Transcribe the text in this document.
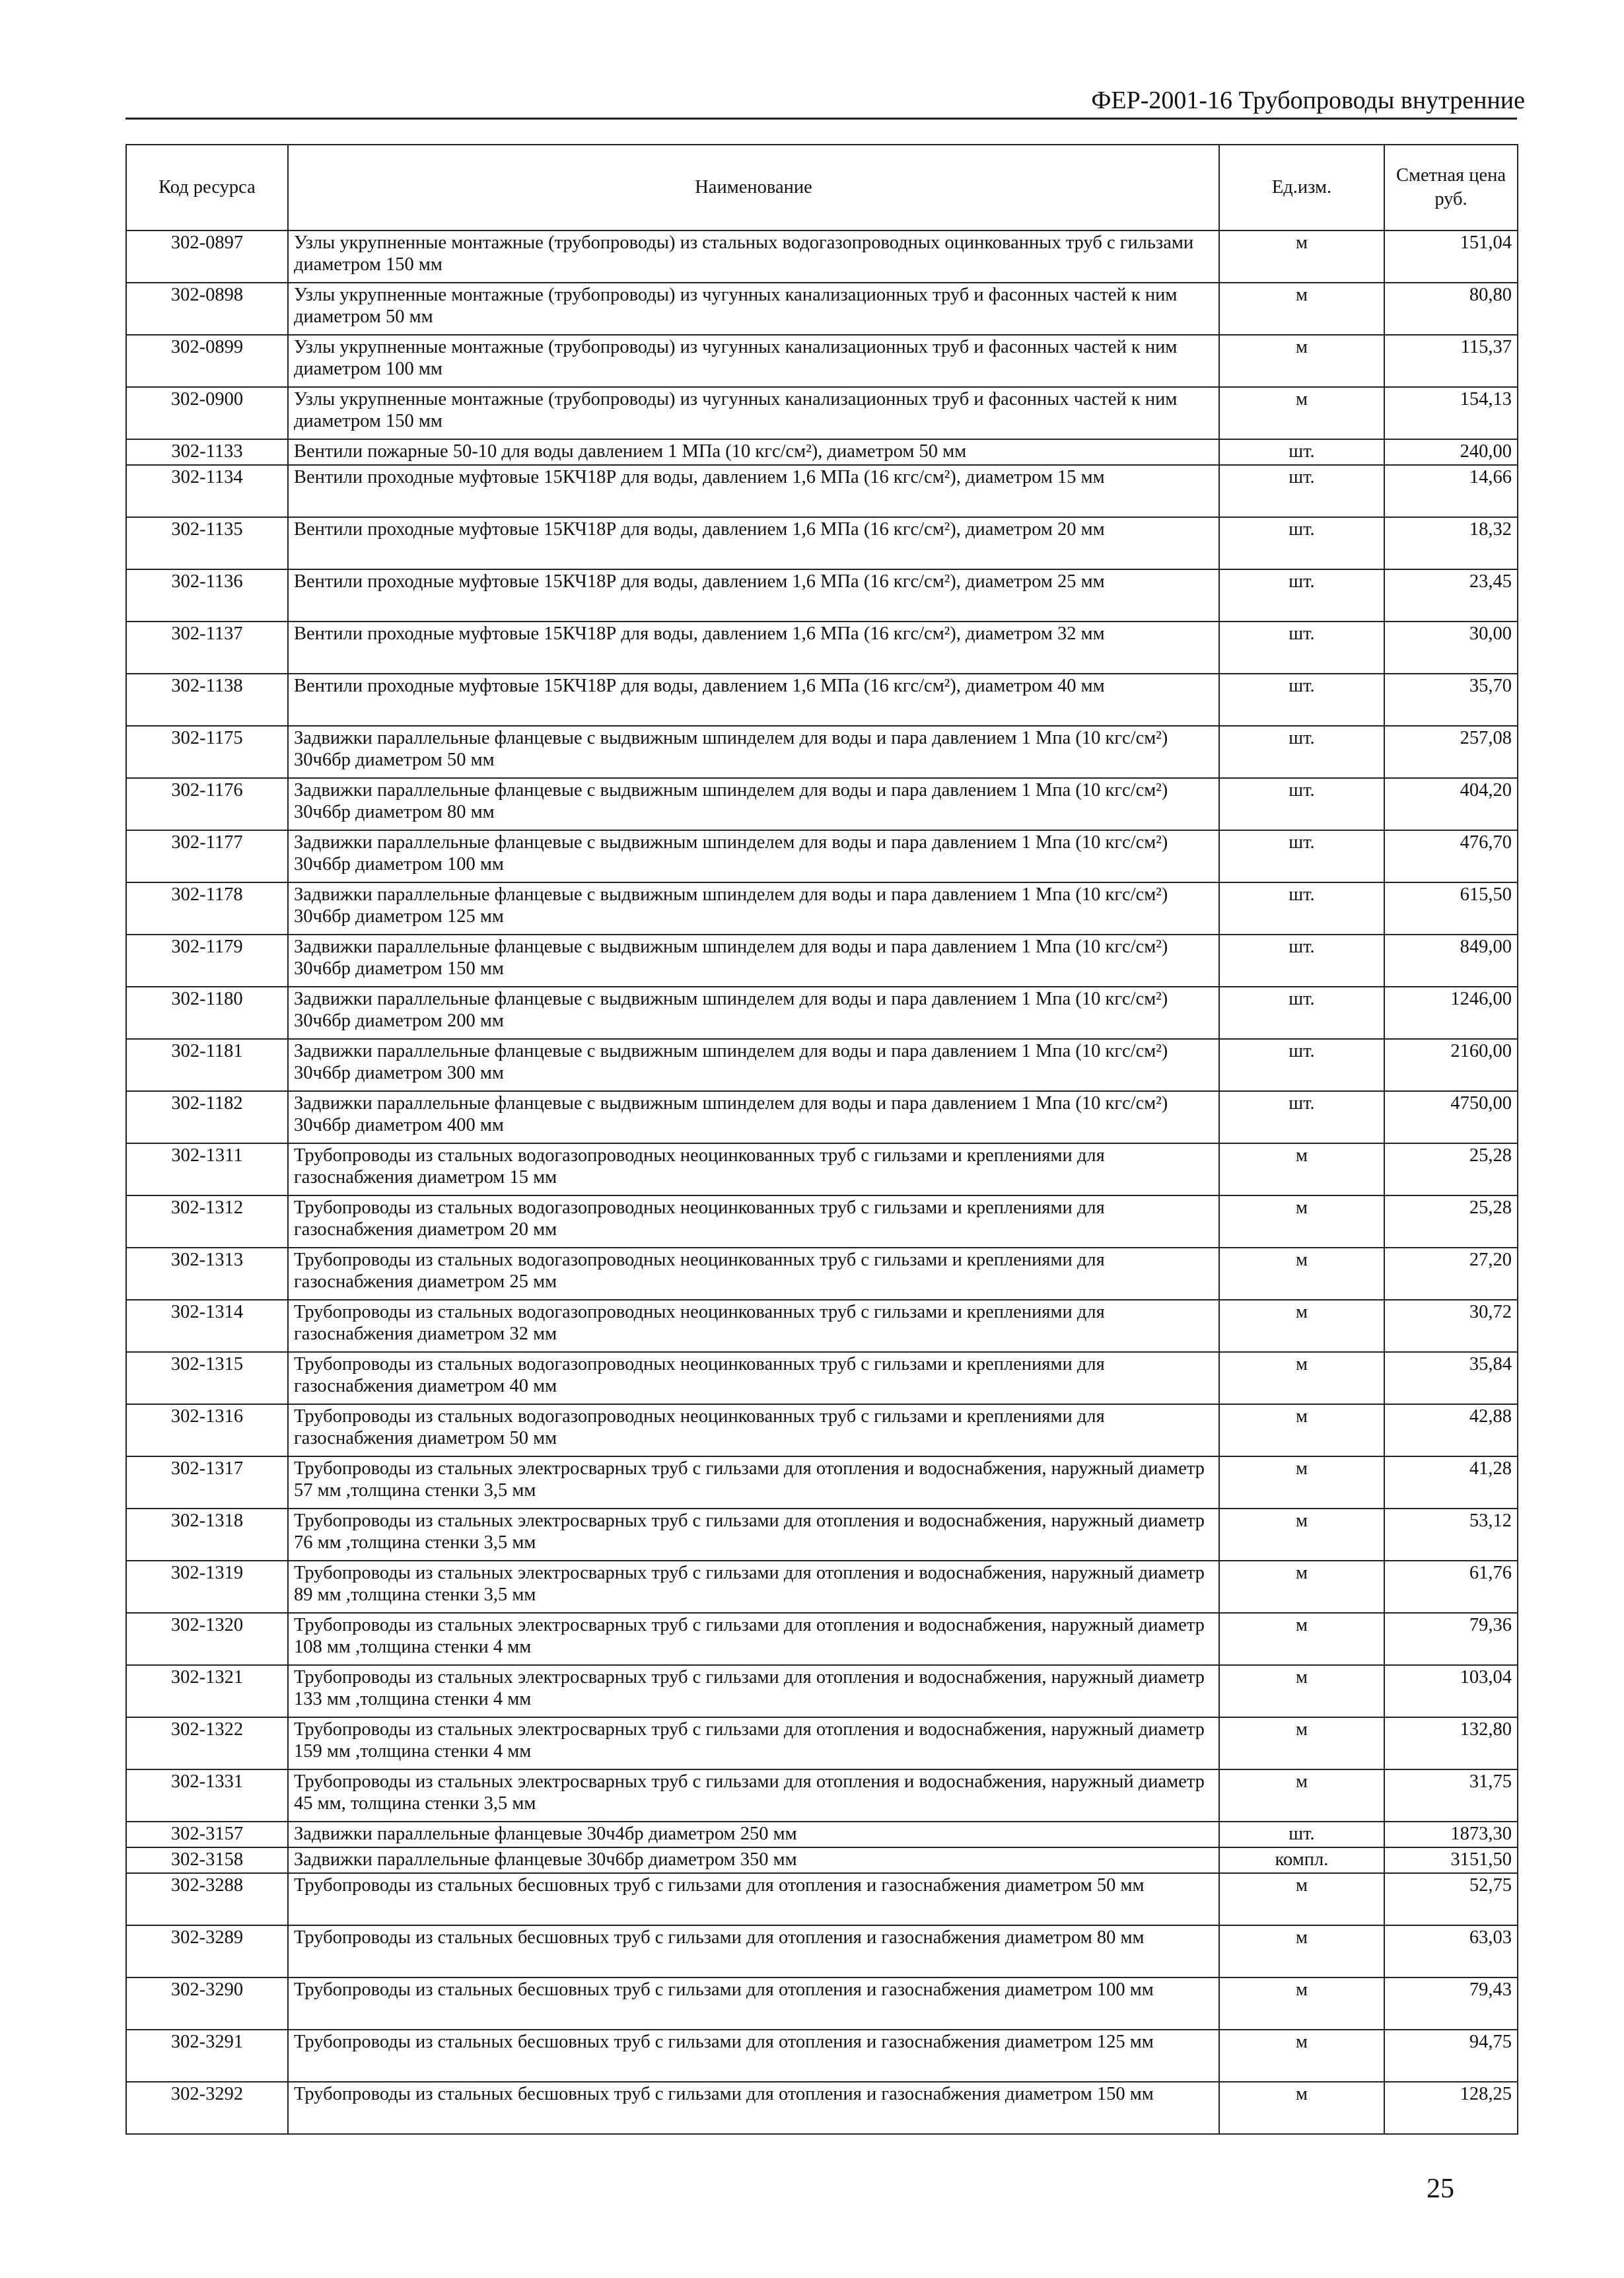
ФЕР-2001-16 Трубопроводы внутренние
Код ресурса	Наименование	Ед.изм.	Сметная цена руб.
302-0897	Узлы укрупненные монтажные (трубопроводы) из стальных водогазопроводных оцинкованных труб с гильзами диаметром 150 мм	м	151,04
302-0898	Узлы укрупненные монтажные (трубопроводы) из чугунных канализационных труб и фасонных частей к ним диаметром 50 мм	м	80,80
302-0899	Узлы укрупненные монтажные (трубопроводы) из чугунных канализационных труб и фасонных частей к ним диаметром 100 мм	м	115,37
302-0900	Узлы укрупненные монтажные (трубопроводы) из чугунных канализационных труб и фасонных частей к ним диаметром 150 мм	м	154,13
302-1133	Вентили пожарные 50-10 для воды давлением 1 МПа (10 кгс/см²), диаметром 50 мм	шт.	240,00
302-1134	Вентили проходные муфтовые 15КЧ18Р для воды, давлением 1,6 МПа (16 кгс/см²), диаметром 15 мм	шт.	14,66
302-1135	Вентили проходные муфтовые 15КЧ18Р для воды, давлением 1,6 МПа (16 кгс/см²), диаметром 20 мм	шт.	18,32
302-1136	Вентили проходные муфтовые 15КЧ18Р для воды, давлением 1,6 МПа (16 кгс/см²), диаметром 25 мм	шт.	23,45
302-1137	Вентили проходные муфтовые 15КЧ18Р для воды, давлением 1,6 МПа (16 кгс/см²), диаметром 32 мм	шт.	30,00
302-1138	Вентили проходные муфтовые 15КЧ18Р для воды, давлением 1,6 МПа (16 кгс/см²), диаметром 40 мм	шт.	35,70
302-1175	Задвижки параллельные фланцевые с выдвижным шпинделем для воды и пара давлением 1 Мпа (10 кгс/см²) 30ч6бр диаметром 50 мм	шт.	257,08
302-1176	Задвижки параллельные фланцевые с выдвижным шпинделем для воды и пара давлением 1 Мпа (10 кгс/см²) 30ч6бр диаметром 80 мм	шт.	404,20
302-1177	Задвижки параллельные фланцевые с выдвижным шпинделем для воды и пара давлением 1 Мпа (10 кгс/см²) 30ч6бр диаметром 100 мм	шт.	476,70
302-1178	Задвижки параллельные фланцевые с выдвижным шпинделем для воды и пара давлением 1 Мпа (10 кгс/см²) 30ч6бр диаметром 125 мм	шт.	615,50
302-1179	Задвижки параллельные фланцевые с выдвижным шпинделем для воды и пара давлением 1 Мпа (10 кгс/см²) 30ч6бр диаметром 150 мм	шт.	849,00
302-1180	Задвижки параллельные фланцевые с выдвижным шпинделем для воды и пара давлением 1 Мпа (10 кгс/см²) 30ч6бр диаметром 200 мм	шт.	1246,00
302-1181	Задвижки параллельные фланцевые с выдвижным шпинделем для воды и пара давлением 1 Мпа (10 кгс/см²) 30ч6бр диаметром 300 мм	шт.	2160,00
302-1182	Задвижки параллельные фланцевые с выдвижным шпинделем для воды и пара давлением 1 Мпа (10 кгс/см²) 30ч6бр диаметром 400 мм	шт.	4750,00
302-1311	Трубопроводы из стальных водогазопроводных неоцинкованных труб с гильзами и креплениями для газоснабжения диаметром 15 мм	м	25,28
302-1312	Трубопроводы из стальных водогазопроводных неоцинкованных труб с гильзами и креплениями для газоснабжения диаметром 20 мм	м	25,28
302-1313	Трубопроводы из стальных водогазопроводных неоцинкованных труб с гильзами и креплениями для газоснабжения диаметром 25 мм	м	27,20
302-1314	Трубопроводы из стальных водогазопроводных неоцинкованных труб с гильзами и креплениями для газоснабжения диаметром 32 мм	м	30,72
302-1315	Трубопроводы из стальных водогазопроводных неоцинкованных труб с гильзами и креплениями для газоснабжения диаметром 40 мм	м	35,84
302-1316	Трубопроводы из стальных водогазопроводных неоцинкованных труб с гильзами и креплениями для газоснабжения диаметром 50 мм	м	42,88
302-1317	Трубопроводы из стальных электросварных труб с гильзами для отопления и водоснабжения, наружный диаметр 57 мм ,толщина стенки 3,5 мм	м	41,28
302-1318	Трубопроводы из стальных электросварных труб с гильзами для отопления и водоснабжения, наружный диаметр 76 мм ,толщина стенки 3,5 мм	м	53,12
302-1319	Трубопроводы из стальных электросварных труб с гильзами для отопления и водоснабжения, наружный диаметр 89 мм ,толщина стенки 3,5 мм	м	61,76
302-1320	Трубопроводы из стальных электросварных труб с гильзами для отопления и водоснабжения, наружный диаметр 108 мм ,толщина стенки 4 мм	м	79,36
302-1321	Трубопроводы из стальных электросварных труб с гильзами для отопления и водоснабжения, наружный диаметр 133 мм ,толщина стенки 4 мм	м	103,04
302-1322	Трубопроводы из стальных электросварных труб с гильзами для отопления и водоснабжения, наружный диаметр 159 мм ,толщина стенки 4 мм	м	132,80
302-1331	Трубопроводы из стальных электросварных труб с гильзами для отопления и водоснабжения, наружный диаметр 45 мм, толщина стенки 3,5 мм	м	31,75
302-3157	Задвижки параллельные фланцевые 30ч4бр диаметром 250 мм	шт.	1873,30
302-3158	Задвижки параллельные фланцевые 30ч6бр диаметром 350 мм	компл.	3151,50
302-3288	Трубопроводы из стальных бесшовных труб с гильзами для отопления и газоснабжения диаметром 50 мм	м	52,75
302-3289	Трубопроводы из стальных бесшовных труб с гильзами для отопления и газоснабжения диаметром 80 мм	м	63,03
302-3290	Трубопроводы из стальных бесшовных труб с гильзами для отопления и газоснабжения диаметром 100 мм	м	79,43
302-3291	Трубопроводы из стальных бесшовных труб с гильзами для отопления и газоснабжения диаметром 125 мм	м	94,75
302-3292	Трубопроводы из стальных бесшовных труб с гильзами для отопления и газоснабжения диаметром 150 мм	м	128,25
25
